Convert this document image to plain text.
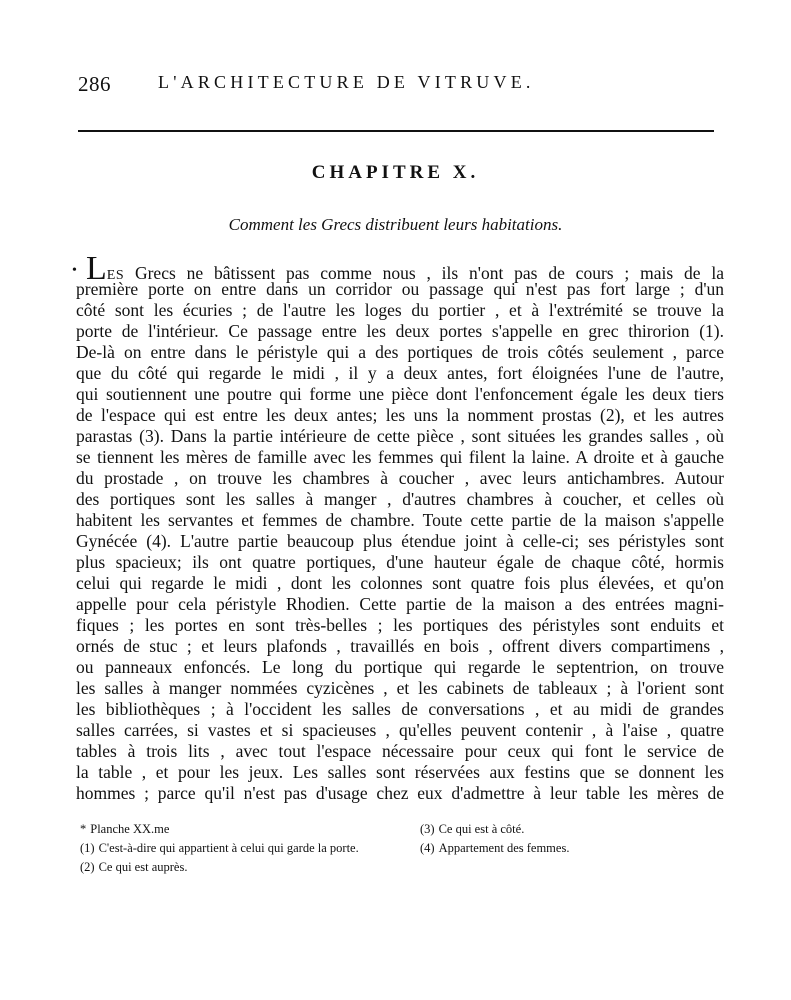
286	L'ARCHITECTURE DE VITRUVE.
CHAPITRE X.
Comment les Grecs distribuent leurs habitations.
• LES Grecs ne bâtissent pas comme nous , ils n'ont pas de cours ; mais de la
première porte on entre dans un corridor ou passage qui n'est pas fort large ; d'un
côté sont les écuries ; de l'autre les loges du portier , et à l'extrémité se trouve la
porte de l'intérieur. Ce passage entre les deux portes s'appelle en grec thirorion (1).
De-là on entre dans le péristyle qui a des portiques de trois côtés seulement , parce
que du côté qui regarde le midi , il y a deux antes, fort éloignées l'une de l'autre,
qui soutiennent une poutre qui forme une pièce dont l'enfoncement égale les deux tiers
de l'espace qui est entre les deux antes; les uns la nomment prostas (2), et les autres
parastas (3). Dans la partie intérieure de cette pièce , sont situées les grandes salles , où
se tiennent les mères de famille avec les femmes qui filent la laine. A droite et à gauche
du prostade , on trouve les chambres à coucher , avec leurs antichambres. Autour
des portiques sont les salles à manger , d'autres chambres à coucher, et celles où
habitent les servantes et femmes de chambre. Toute cette partie de la maison s'appelle
Gynécée (4). L'autre partie beaucoup plus étendue joint à celle-ci; ses péristyles sont
plus spacieux; ils ont quatre portiques, d'une hauteur égale de chaque côté, hormis
celui qui regarde le midi , dont les colonnes sont quatre fois plus élevées, et qu'on
appelle pour cela péristyle Rhodien. Cette partie de la maison a des entrées magni-
fiques ; les portes en sont très-belles ; les portiques des péristyles sont enduits et
ornés de stuc ; et leurs plafonds , travaillés en bois , offrent divers compartimens ,
ou panneaux enfoncés. Le long du portique qui regarde le septentrion, on trouve
les salles à manger nommées cyzicènes , et les cabinets de tableaux ; à l'orient sont
les bibliothèques ; à l'occident les salles de conversations , et au midi de grandes
salles carrées, si vastes et si spacieuses , qu'elles peuvent contenir , à l'aise , quatre
tables à trois lits , avec tout l'espace nécessaire pour ceux qui font le service de
la table , et pour les jeux. Les salles sont réservées aux festins que se donnent les
hommes ; parce qu'il n'est pas d'usage chez eux d'admettre à leur table les mères de
* Planche XX.me
(1) C'est-à-dire qui appartient à celui qui garde la porte.
(2) Ce qui est auprès.
(3) Ce qui est à côté.
(4) Appartement des femmes.
